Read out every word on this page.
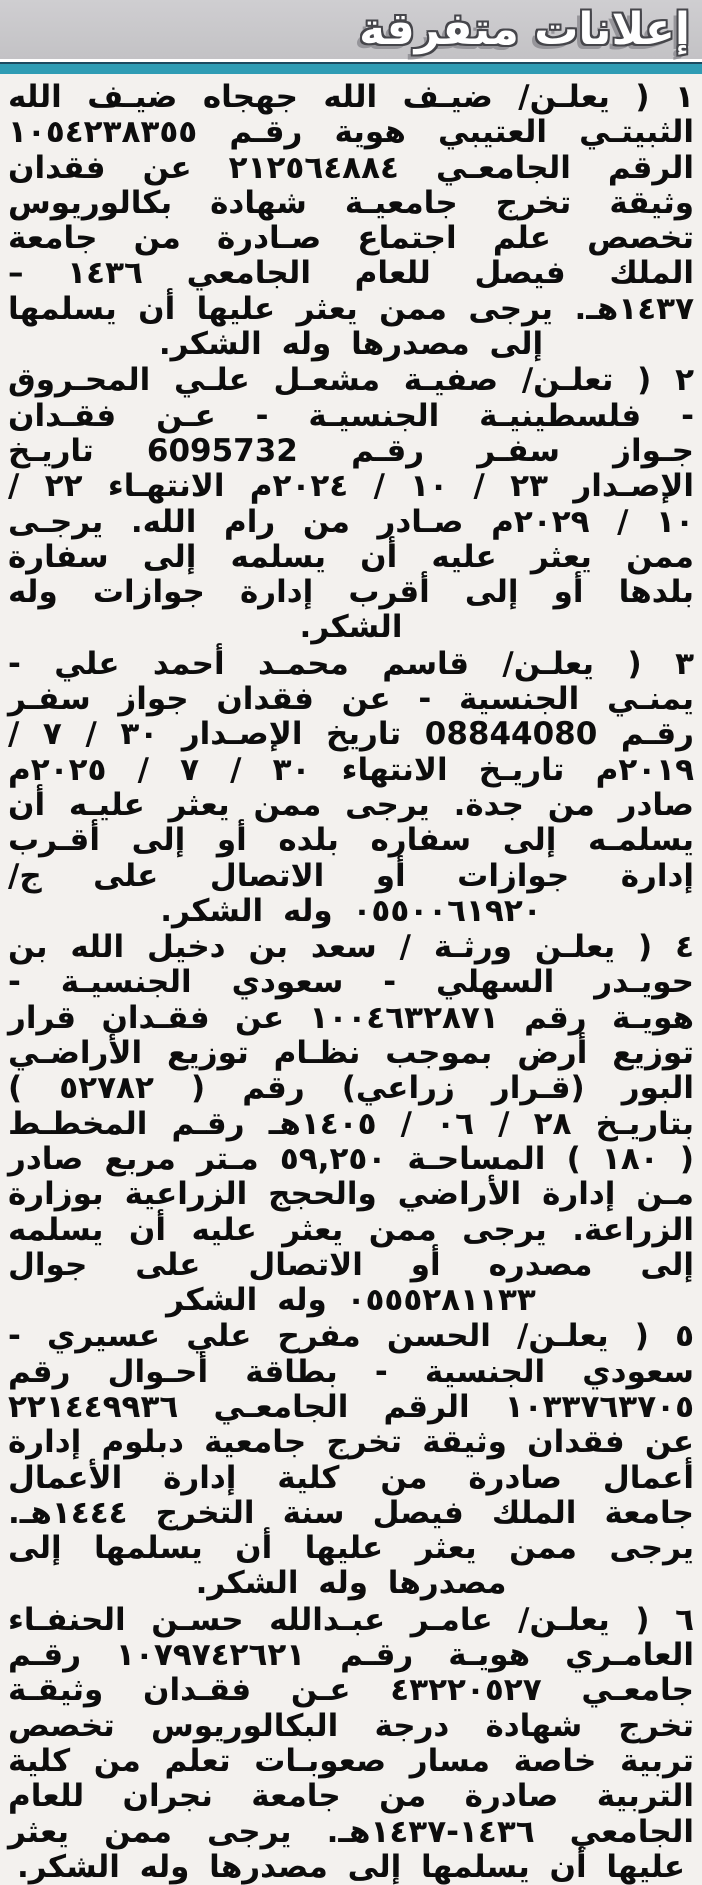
إعلانات متفرقة

١ ( يعلـن/ ضيـف الله جهجاه ضيـف الله الثبيتـي العتيبي هوية رقـم ١٠٥٤٢٣٨٣٥٥ الرقم الجامعـي ٢١٢٥٦٤٨٨٤ عن فقدان وثيقة تخرج جامعيـة شهادة بكالوريوس تخصص علم اجتماع صـادرة من جامعة الملك فيصل للعام الجامعي ١٤٣٦ – ١٤٣٧هـ. يرجى ممن يعثر عليها أن يسلمها إلى مصدرها وله الشكر.

٢ ( تعلـن/ صفيـة مشعـل علـي المحـروق - فلسطينيـة الجنسيـة - عـن فقـدان جـواز سفـر رقـم 6095732 تاريـخ الإصـدار ٢٣ / ١٠ / ٢٠٢٤م الانتهـاء ٢٢ / ١٠ / ٢٠٢٩م صـادر من رام الله. يرجـى ممن يعثر عليه أن يسلمه إلى سفارة بلدها أو إلى أقرب إدارة جوازات وله الشكر.

٣ ( يعلـن/ قاسم محمـد أحمد علي - يمنـي الجنسية - عن فقدان جواز سفـر رقـم 08844080 تاريخ الإصـدار ٣٠ / ٧ / ٢٠١٩م تاريـخ الانتهاء ٣٠ / ٧ / ٢٠٢٥م صادر من جدة. يرجى ممن يعثر عليـه أن يسلمـه إلى سفاره بلده أو إلى أقـرب إدارة جوازات أو الاتصال على ج/ ٠٥٥٠٠٦١٩٢٠ وله الشكر.

٤ ( يعلـن ورثـة / سعد بن دخيل الله بن حويـدر السهلي - سعودي الجنسيـة - هويـة رقم ١٠٠٤٦٣٢٨٧١ عن فقـدان قرار توزيع أرض بموجب نظـام توزيع الأراضـي البور (قـرار زراعي) رقم ( ٥٢٧٨٢ ) بتاريـخ ٢٨ / ٠٦ / ١٤٠٥هـ رقـم المخطـط ( ١٨٠ ) المساحـة ٥٩,٢٥٠ مـتر مربع صادر مـن إدارة الأراضي والحجج الزراعية بوزارة الزراعة. يرجى ممن يعثر عليه أن يسلمه إلى مصدره أو الاتصال على جوال ٠٥٥٥٢٨١١٣٣ وله الشكر

٥ ( يعلـن/ الحسن مفرح علي عسيري - سعودي الجنسية - بطاقة أحـوال رقم ١٠٣٣٧٦٣٧٠٥ الرقم الجامعـي ٢٢١٤٤٩٩٣٦ عن فقدان وثيقة تخرج جامعية دبلوم إدارة أعمال صادرة من كلية إدارة الأعمال جامعة الملك فيصل سنة التخرج ١٤٤٤هـ. يرجى ممن يعثر عليها أن يسلمها إلى مصدرها وله الشكر.

٦ ( يعلـن/ عامـر عبـدالله حسـن الحنفـاء العامـري هويـة رقـم ١٠٧٩٧٤٢٦٢١ رقـم جامعـي ٤٣٢٢٠٥٢٧ عـن فقـدان وثيقـة تخرج شهادة درجة البكالوريوس تخصص تربية خاصة مسار صعوبـات تعلم من كلية التربية صادرة من جامعة نجران للعام الجامعي ١٤٣٦-١٤٣٧هـ. يرجى ممن يعثر عليها أن يسلمها إلى مصدرها وله الشكر.
